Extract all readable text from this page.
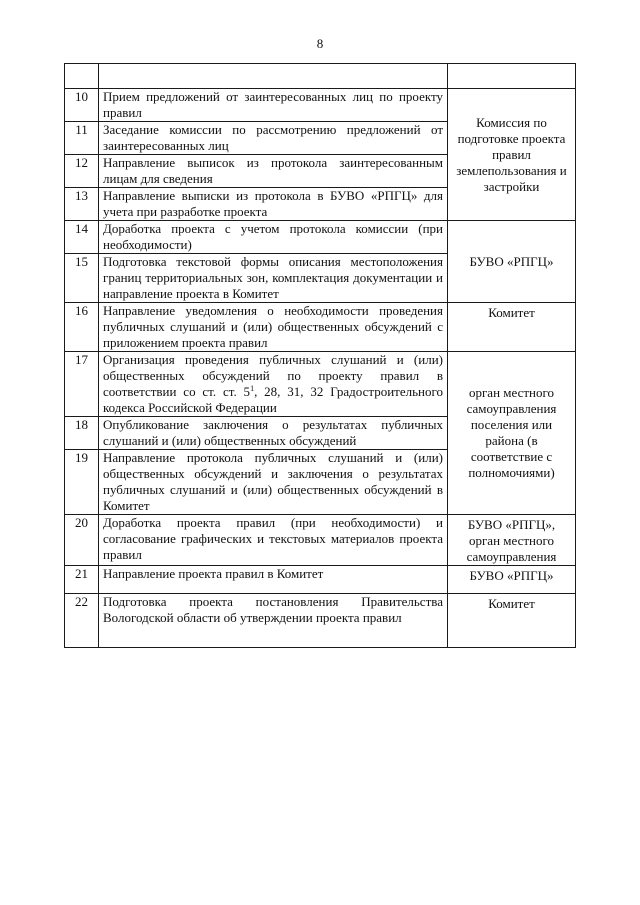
8

10	Прием предложений от заинтересованных лиц по проекту правил	Комиссия по подготовке проекта правил землепользования и застройки
11	Заседание комиссии по рассмотрению предложений от заинтересованных лиц	
12	Направление выписок из протокола заинтересованным лицам для сведения	
13	Направление выписки из протокола в БУВО «РПГЦ» для учета при разработке проекта	
14	Доработка проекта с учетом протокола комиссии (при необходимости)	БУВО «РПГЦ»
15	Подготовка текстовой формы описания местоположения границ территориальных зон, комплектация документации и направление проекта в Комитет	
16	Направление уведомления о необходимости проведения публичных слушаний и (или) общественных обсуждений с приложением проекта правил	Комитет
17	Организация проведения публичных слушаний и (или) общественных обсуждений по проекту правил в соответствии со ст. ст. $5^1$, 28, 31, 32 Градостроительного кодекса Российской Федерации	орган местного самоуправления поселения или района (в соответствие с полномочиями)
18	Опубликование заключения о результатах публичных слушаний и (или) общественных обсуждений	
19	Направление протокола публичных слушаний и (или) общественных обсуждений и заключения о результатах публичных слушаний и (или) общественных обсуждений в Комитет	
20	Доработка проекта правил (при необходимости) и согласование графических и текстовых материалов проекта правил	БУВО «РПГЦ», орган местного самоуправления
21	Направление проекта правил в Комитет	БУВО «РПГЦ»
22	Подготовка проекта постановления Правительства Вологодской области об утверждении проекта правил	Комитет
